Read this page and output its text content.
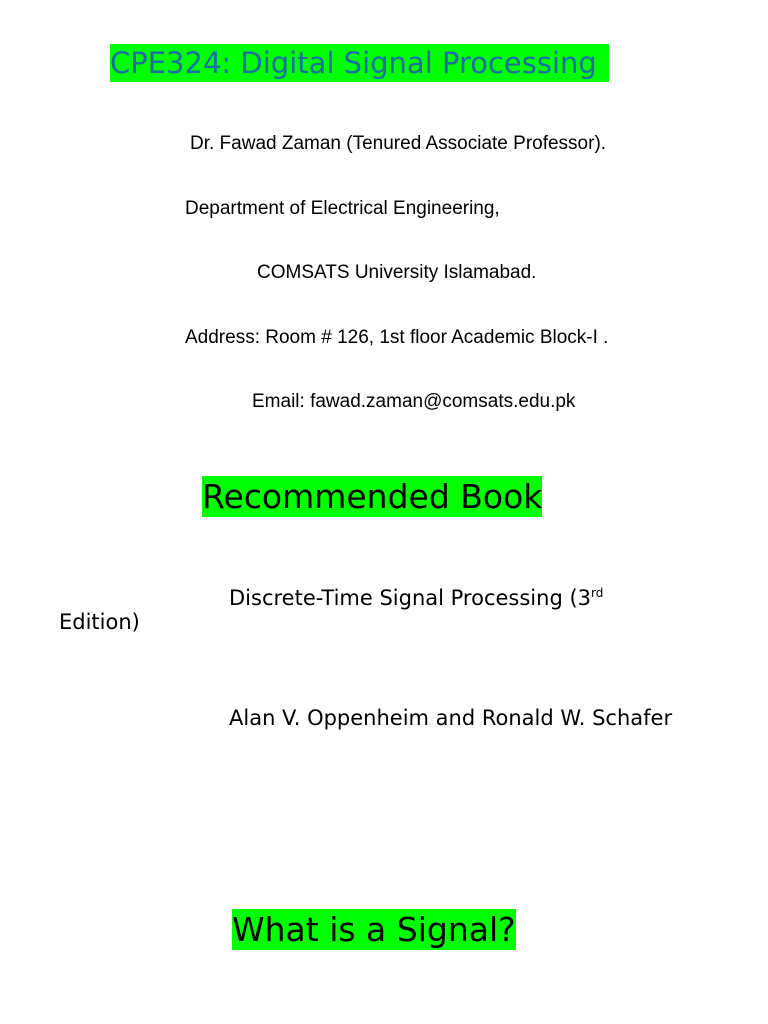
CPE324: Digital Signal Processing
Dr. Fawad Zaman (Tenured Associate Professor).
Department of Electrical Engineering,
COMSATS University Islamabad.
Address: Room # 126, 1st floor Academic Block-I .
Email: fawad.zaman@comsats.edu.pk
Recommended Book
Discrete-Time Signal Processing (3rd
Edition)
Alan V. Oppenheim and Ronald W. Schafer
What is a Signal?
